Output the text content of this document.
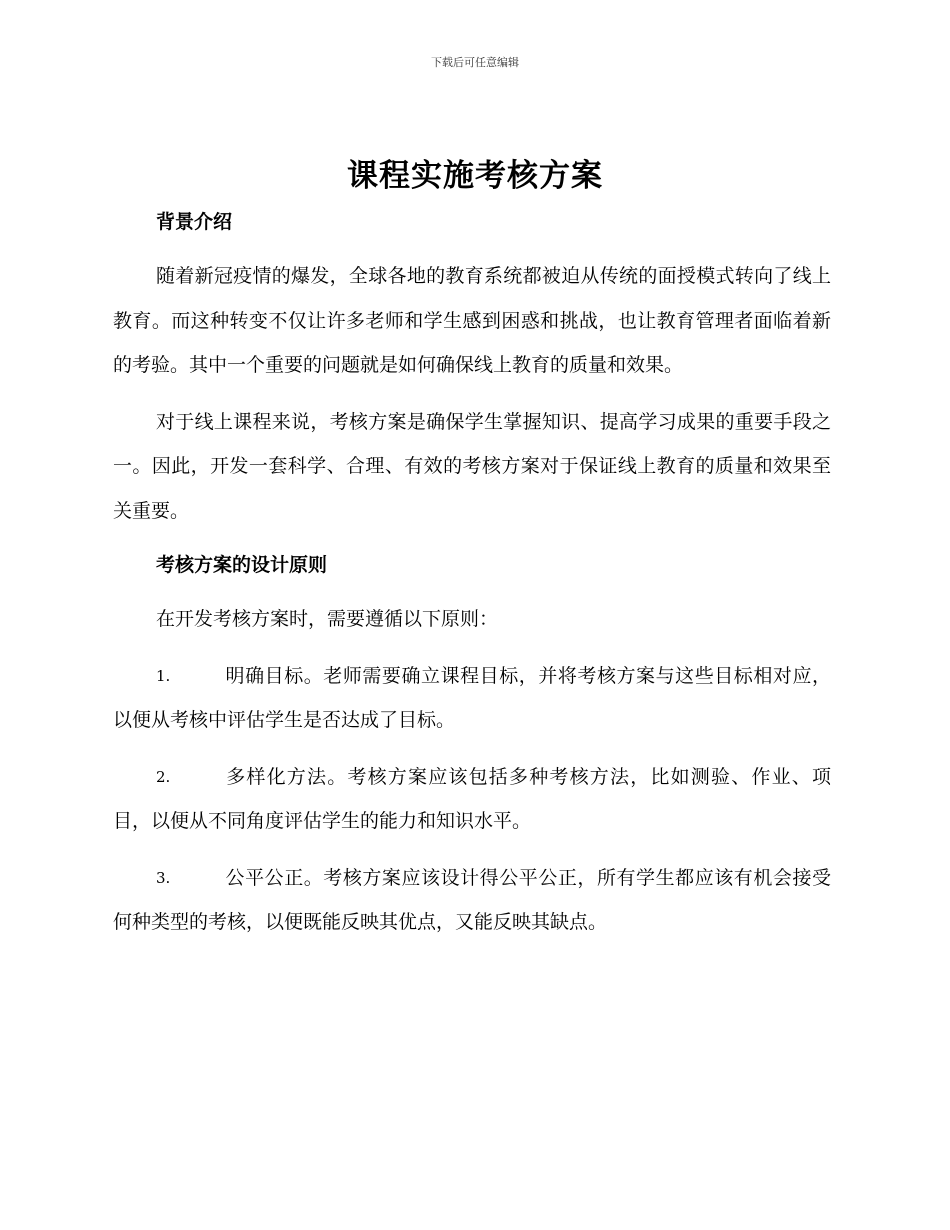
下载后可任意编辑
课程实施考核方案

背景介绍

随着新冠疫情的爆发，全球各地的教育系统都被迫从传统的面授模式转向了线上教育。而这种转变不仅让许多老师和学生感到困惑和挑战，也让教育管理者面临着新的考验。其中一个重要的问题就是如何确保线上教育的质量和效果。

对于线上课程来说，考核方案是确保学生掌握知识、提高学习成果的重要手段之一。因此，开发一套科学、合理、有效的考核方案对于保证线上教育的质量和效果至关重要。

考核方案的设计原则

在开发考核方案时，需要遵循以下原则：

1.	明确目标。老师需要确立课程目标，并将考核方案与这些目标相对应，以便从考核中评估学生是否达成了目标。

2.	多样化方法。考核方案应该包括多种考核方法，比如测验、作业、项目，以便从不同角度评估学生的能力和知识水平。

3.	公平公正。考核方案应该设计得公平公正，所有学生都应该有机会接受何种类型的考核，以便既能反映其优点，又能反映其缺点。
